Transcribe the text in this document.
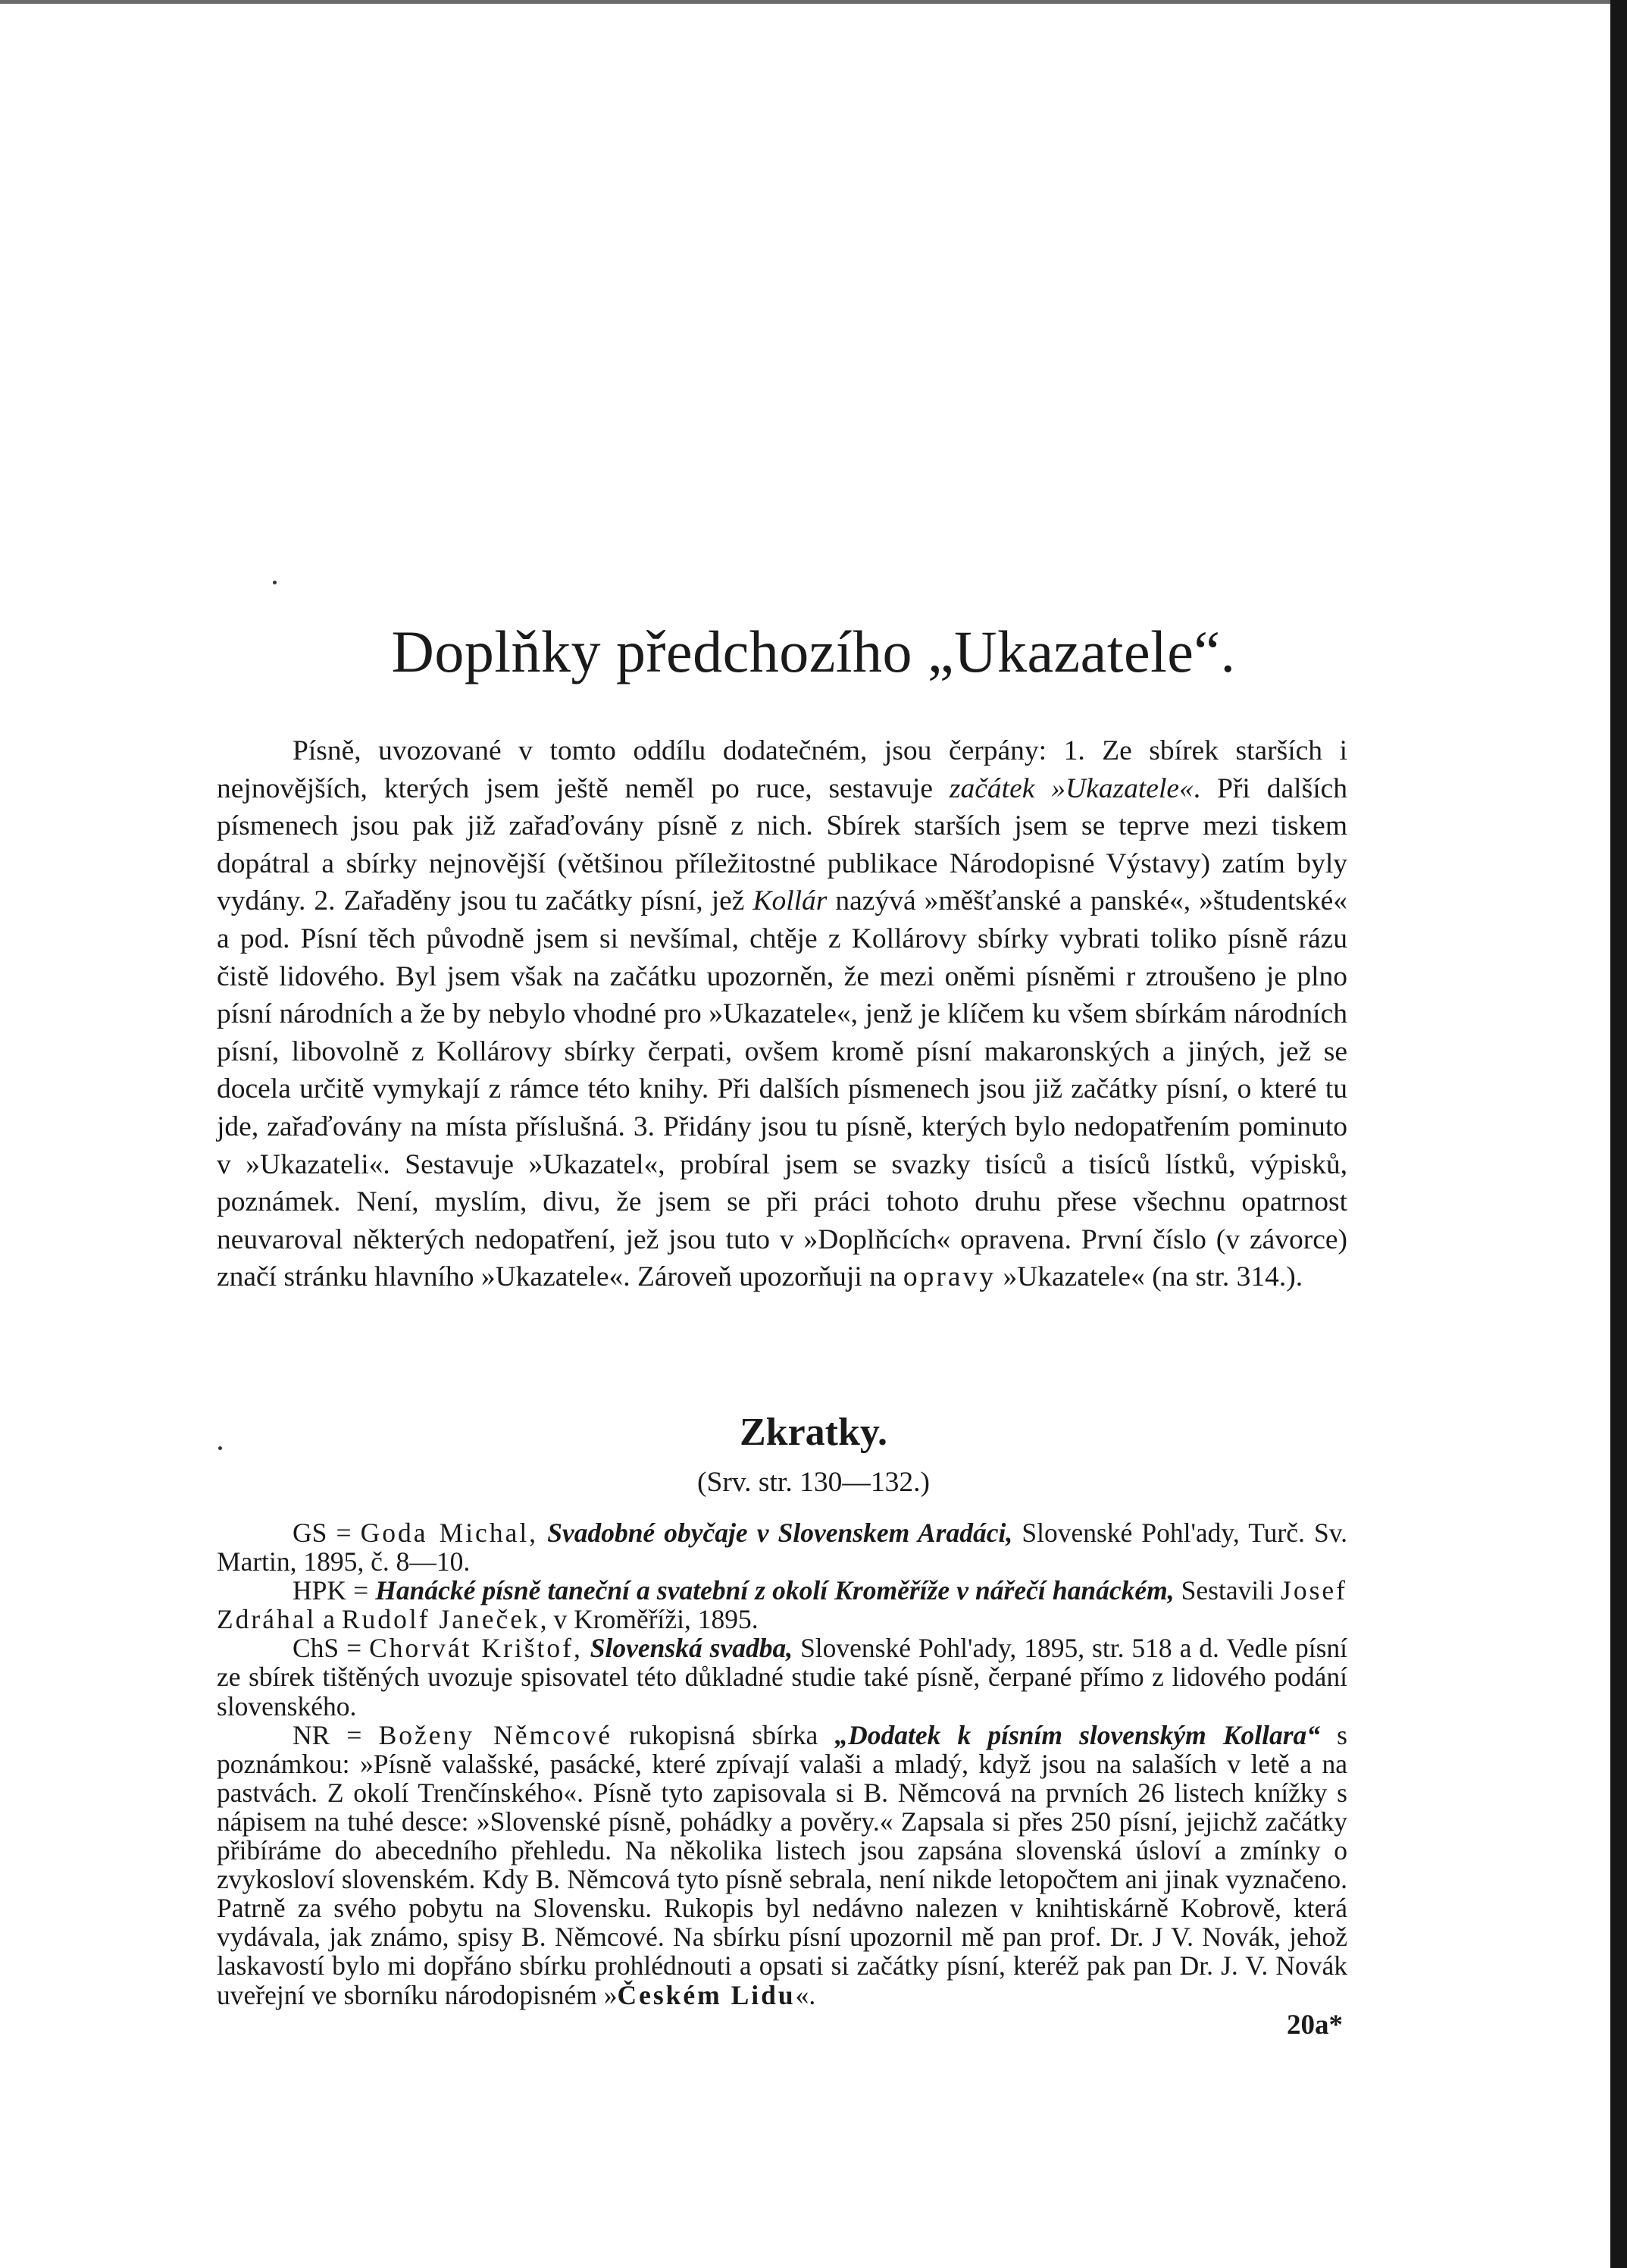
Doplňky předchozího „Ukazatele“.

Písně, uvozované v tomto oddílu dodatečném, jsou čerpány: 1. Ze sbírek starších i nejnovějších, kterých jsem ještě neměl po ruce, sestavuje začátek »Ukazatele«. Při dalších písmenech jsou pak již zařaďovány písně z nich. Sbírek starších jsem se teprve mezi tiskem dopátral a sbírky nejnovější (většinou příležitostné publikace Národopisné Výstavy) zatím byly vydány. 2. Zařaděny jsou tu začátky písní, jež Kollár nazývá »měšťanské a panské«, »študentské« a pod. Písní těch původně jsem si nevšímal, chtěje z Kollárovy sbírky vybrati toliko písně rázu čistě lidového. Byl jsem však na začátku upozorněn, že mezi oněmi písněmi r ztroušeno je plno písní národních a že by nebylo vhodné pro »Ukazatele«, jenž je klíčem ku všem sbírkám národních písní, libovolně z Kollárovy sbírky čerpati, ovšem kromě písní makaronských a jiných, jež se docela určitě vymykají z rámce této knihy. Při dalších písmenech jsou již začátky písní, o které tu jde, zařaďovány na místa příslušná. 3. Přidány jsou tu písně, kterých bylo nedopatřením pominuto v »Ukazateli«. Sestavuje »Ukazatel«, probíral jsem se svazky tisíců a tisíců lístků, výpisků, poznámek. Není, myslím, divu, že jsem se při práci tohoto druhu přese všechnu opatrnost neuvaroval některých nedopatření, jež jsou tuto v »Doplňcích« opravena. První číslo (v závorce) značí stránku hlavního »Ukazatele«. Zároveň upozorňuji na opravy »Ukazatele« (na str. 314.).

Zkratky.

(Srv. str. 130—132.)

GS = Goda Michal, Svadobné obyčaje v Slovenskem Aradáci, Slovenské Pohl'ady, Turč. Sv. Martin, 1895, č. 8—10.

HPK = Hanácké písně taneční a svatební z okolí Kroměříže v nářečí hanáckém, Sestavili Josef Zdráhal a Rudolf Janeček, v Kroměříži, 1895.

ChS = Chorvát Krištof, Slovenská svadba, Slovenské Pohl'ady, 1895, str. 518 a d. Vedle písní ze sbírek tištěných uvozuje spisovatel této důkladné studie také písně, čerpané přímo z lidového podání slovenského.

NR = Boženy Němcové rukopisná sbírka „Dodatek k písním slovenským Kollara“ s poznámkou: »Písně valašské, pasácké, které zpívají valaši a mladý, když jsou na salaších v letě a na pastvách. Z okolí Trenčínského«. Písně tyto zapisovala si B. Němcová na prvních 26 listech knížky s nápisem na tuhé desce: »Slovenské písně, pohádky a pověry.« Zapsala si přes 250 písní, jejichž začátky přibíráme do abecedního přehledu. Na několika listech jsou zapsána slovenská úsloví a zmínky o zvykosloví slovenském. Kdy B. Němcová tyto písně sebrala, není nikde letopočtem ani jinak vyznačeno. Patrně za svého pobytu na Slovensku. Rukopis byl nedávno nalezen v knihtiskárně Kobrově, která vydávala, jak známo, spisy B. Němcové. Na sbírku písní upozornil mě pan prof. Dr. J V. Novák, jehož laskavostí bylo mi dopřáno sbírku prohlédnouti a opsati si začátky písní, kteréž pak pan Dr. J. V. Novák uveřejní ve sborníku národopisném »Českém Lidu«.

20a*
